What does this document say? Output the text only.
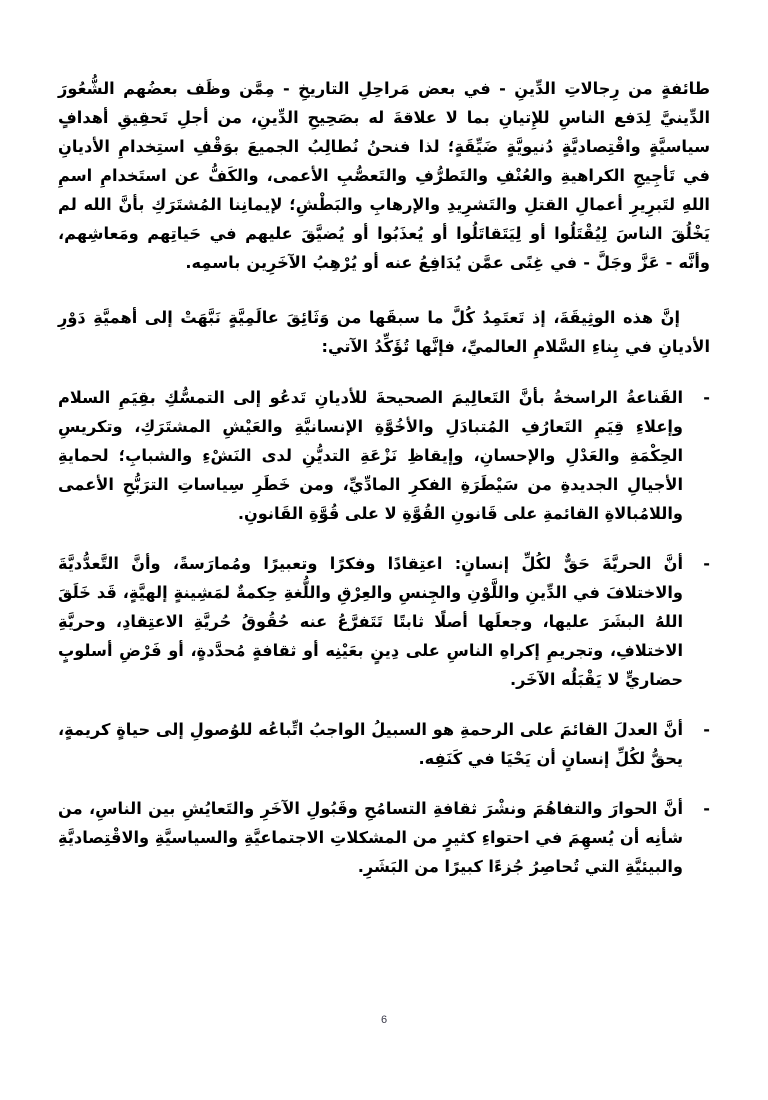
طائفةٍ من رِجالاتِ الدِّينِ - في بعض مَراحِلِ التاريخِ - مِمَّن وظَف بعضُهم الشُّعُورَ الدِّينيَّ لِدَفع الناسِ للإِتيانِ بما لا علاقةَ له بصَحِيحِ الدِّينِ، من أجلِ تَحقِيقِ أهدافٍ سياسيَّةٍ واقْتِصاديَّةٍ دُنيويَّةٍ ضَيِّقَةٍ؛ لذا فنحنُ نُطالِبُ الجميعَ بوَقْفِ استِخدامِ الأديانِ في تَأجِيجِ الكراهيةِ والعُنْفِ والتَطرُّفِ والتَعصُّبِ الأعمى، والكَفُّ عن استَخدامِ اسمِ اللهِ لتَبرِيرِ أعمالِ القتلِ والتَشرِيدِ والإرهابِ والبَطْشِ؛ لإيمانِنا المُشتَرَكِ بأنَّ الله لم يَخْلُقَ الناسَ لِيُقْتَلُوا أو لِيَتَقاتَلُوا أو يُعذَبُوا أو يُضيَّقَ عليهم في حَياتِهم ومَعاشِهم، وأنَّه - عَزَّ وجَلَّ - في غِنًى عمَّن يُدَافِعُ عنه أو يُرْهِبُ الآخَرِين باسمِه.

إنَّ هذه الوثِيقَةَ، إذ تَعتَمِدُ كُلَّ ما سبقَها من وَثَائِقَ عالَمِيَّةٍ نَبَّهَتْ إلى أهميَّةِ دَوْرِ الأديانِ في بِناءِ السَّلامِ العالميِّ، فإنَّها تُؤَكِّدُ الآتي:

-
القَناعةُ الراسخةُ بأنَّ التَعالِيمَ الصحيحةَ للأديانِ تَدعُو إلى التمسُّكِ بقِيَمِ السلام وإعلاءِ قِيَمِ التَعارُفِ المُتبادَلِ والأخُوَّةِ الإنسانيَّةِ والعَيْشِ المشتَرَكِ، وتكريسِ الحِكْمَةِ والعَدْلِ والإحسانِ، وإيقاظِ نَزْعَةِ التديُّنِ لدى النَشْءِ والشبابِ؛ لحمايةِ الأجيالِ الجديدةِ من سَيْطَرَةِ الفكرِ المادِّيِّ، ومن خَطَرِ سِياساتِ الترَبُّحِ الأعمى واللامُبالاةِ القائمةِ على قَانونِ القُوَّةِ لا على قُوَّةِ القَانونِ.
-
أنَّ الحريَّةَ حَقٌّ لكُلِّ إنسانٍ: اعتِقادًا وفكرًا وتعبيرًا ومُمارَسةً، وأنَّ التَّعدُّديَّةَ والاختلافَ في الدِّينِ واللَّوْنِ والجِنسِ والعِرْقِ واللُّغةِ حِكمةٌ لمَشِينةٍ إلهيَّةٍ، قَد خَلَقَ اللهُ البشَرَ عليها، وجعلَها أصلًا ثابتًا تَتَفرَّعُ عنه حُقُوقُ حُريَّةِ الاعتِقادِ، وحريَّةِ الاختلافِ، وتجريمِ إكراهِ الناسِ على دِينٍ بعَيْنِه أو ثقافةٍ مُحدَّدةٍ، أو فَرْضِ أسلوبٍ حضاريٍّ لا يَقْبَلُه الآخَر.
-
أنَّ العدلَ القائمَ على الرحمةِ هو السبيلُ الواجبُ اتِّباعُه للوُصولِ إلى حياةٍ كريمةٍ، يحقُّ لكُلِّ إنسانٍ أن يَحْيَا في كَنَفِه.
-
أنَّ الحوارَ والتفاهُمَ ونشْرَ ثقافةِ التسامُحِ وقَبُولِ الآخَرِ والتَعايُشِ بين الناسِ، من شأنِه أن يُسهِمَ في احتواءِ كثيرٍ من المشكلاتِ الاجتماعيَّةِ والسياسيَّةِ والاقْتِصاديَّةِ والبيئيَّةِ التي تُحاصِرُ جُزءًا كبيرًا من البَشَرِ.
6
